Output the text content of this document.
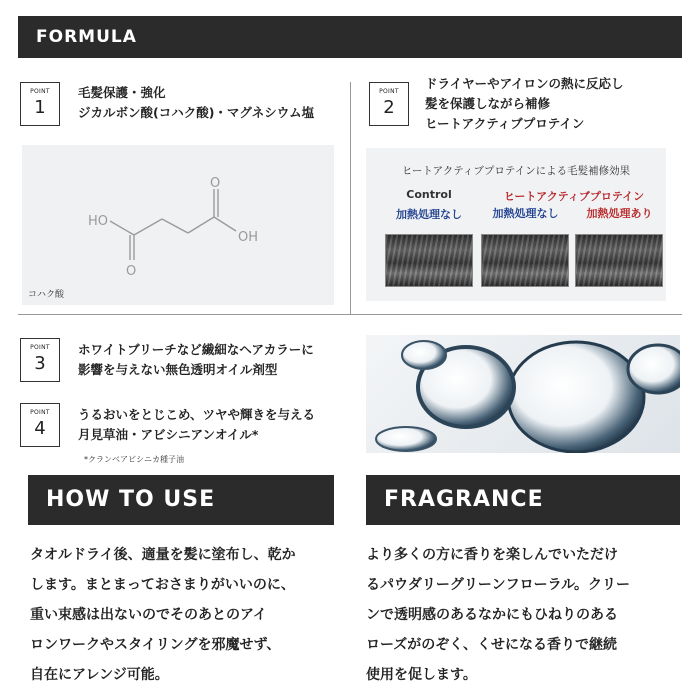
FORMULA
POINT
1
毛髪保護・強化
ジカルボン酸(コハク酸)・マグネシウム塩
HO
O
O
OH
コハク酸
POINT
2
ドライヤーやアイロンの熱に反応し
髪を保護しながら補修
ヒートアクティブプロテイン
ヒートアクティブプロテインによる毛髪補修効果
Control
加熱処理なし
ヒートアクティブプロテイン
加熱処理なし	加熱処理あり
POINT
3
ホワイトブリーチなど繊細なヘアカラーに
影響を与えない無色透明オイル剤型
POINT
4
うるおいをとじこめ、ツヤや輝きを与える
月見草油・アビシニアンオイル*
*クランベアビシニカ種子油
HOW TO USE
タオルドライ後、適量を髪に塗布し、乾か
します。まとまっておさまりがいいのに、
重い束感は出ないのでそのあとのアイ
ロンワークやスタイリングを邪魔せず、
自在にアレンジ可能。
FRAGRANCE
より多くの方に香りを楽しんでいただけ
るパウダリーグリーンフローラル。クリー
ンで透明感のあるなかにもひねりのある
ローズがのぞく、くせになる香りで継続
使用を促します。
